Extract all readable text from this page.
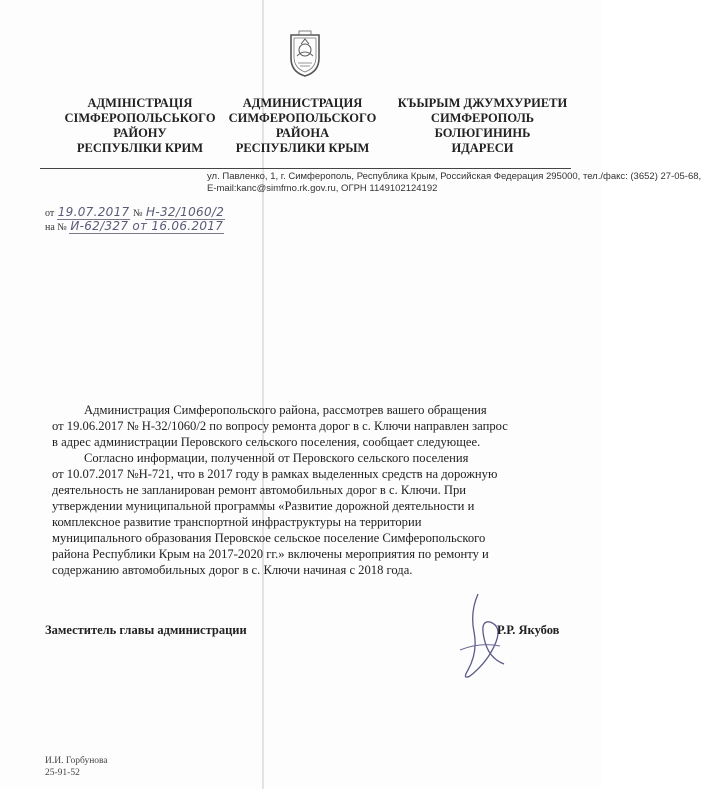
АДМІНІСТРАЦІЯ
СІМФЕРОПОЛЬСЬКОГО
РАЙОНУ
РЕСПУБЛІКИ КРИМ
АДМИНИСТРАЦИЯ
СИМФЕРОПОЛЬСКОГО
РАЙОНА
РЕСПУБЛИКИ КРЫМ
КЪЫРЫМ ДЖУМХУРИЕТИ
СИМФЕРОПОЛЬ
БОЛЮГИНИНЬ
ИДАРЕСИ
ул. Павленко, 1, г. Симферополь, Республика Крым, Российская Федерация 295000, тел./факс: (3652) 27-05-68,
E-mail:kanc@simfmo.rk.gov.ru, ОГРН 1149102124192
от 19.07.2017 № Н-32/1060/2
на № И-62/327 от 16.06.2017
Администрация Симферопольского района, рассмотрев вашего обращения
от 19.06.2017 № Н-32/1060/2 по вопросу ремонта дорог в с. Ключи направлен запрос
в адрес администрации Перовского сельского поселения, сообщает следующее.
Согласно информации, полученной от Перовского сельского поселения
от 10.07.2017 №Н-721, что в 2017 году в рамках выделенных средств на дорожную
деятельность не запланирован ремонт автомобильных дорог в с. Ключи. При
утверждении муниципальной программы «Развитие дорожной деятельности и
комплексное развитие транспортной инфраструктуры на территории
муниципального образования Перовское сельское поселение Симферопольского
района Республики Крым на 2017-2020 гг.» включены мероприятия по ремонту и
содержанию автомобильных дорог в с. Ключи начиная с 2018 года.
Заместитель главы администрации	Р.Р. Якубов
И.И. Горбунова
25-91-52
